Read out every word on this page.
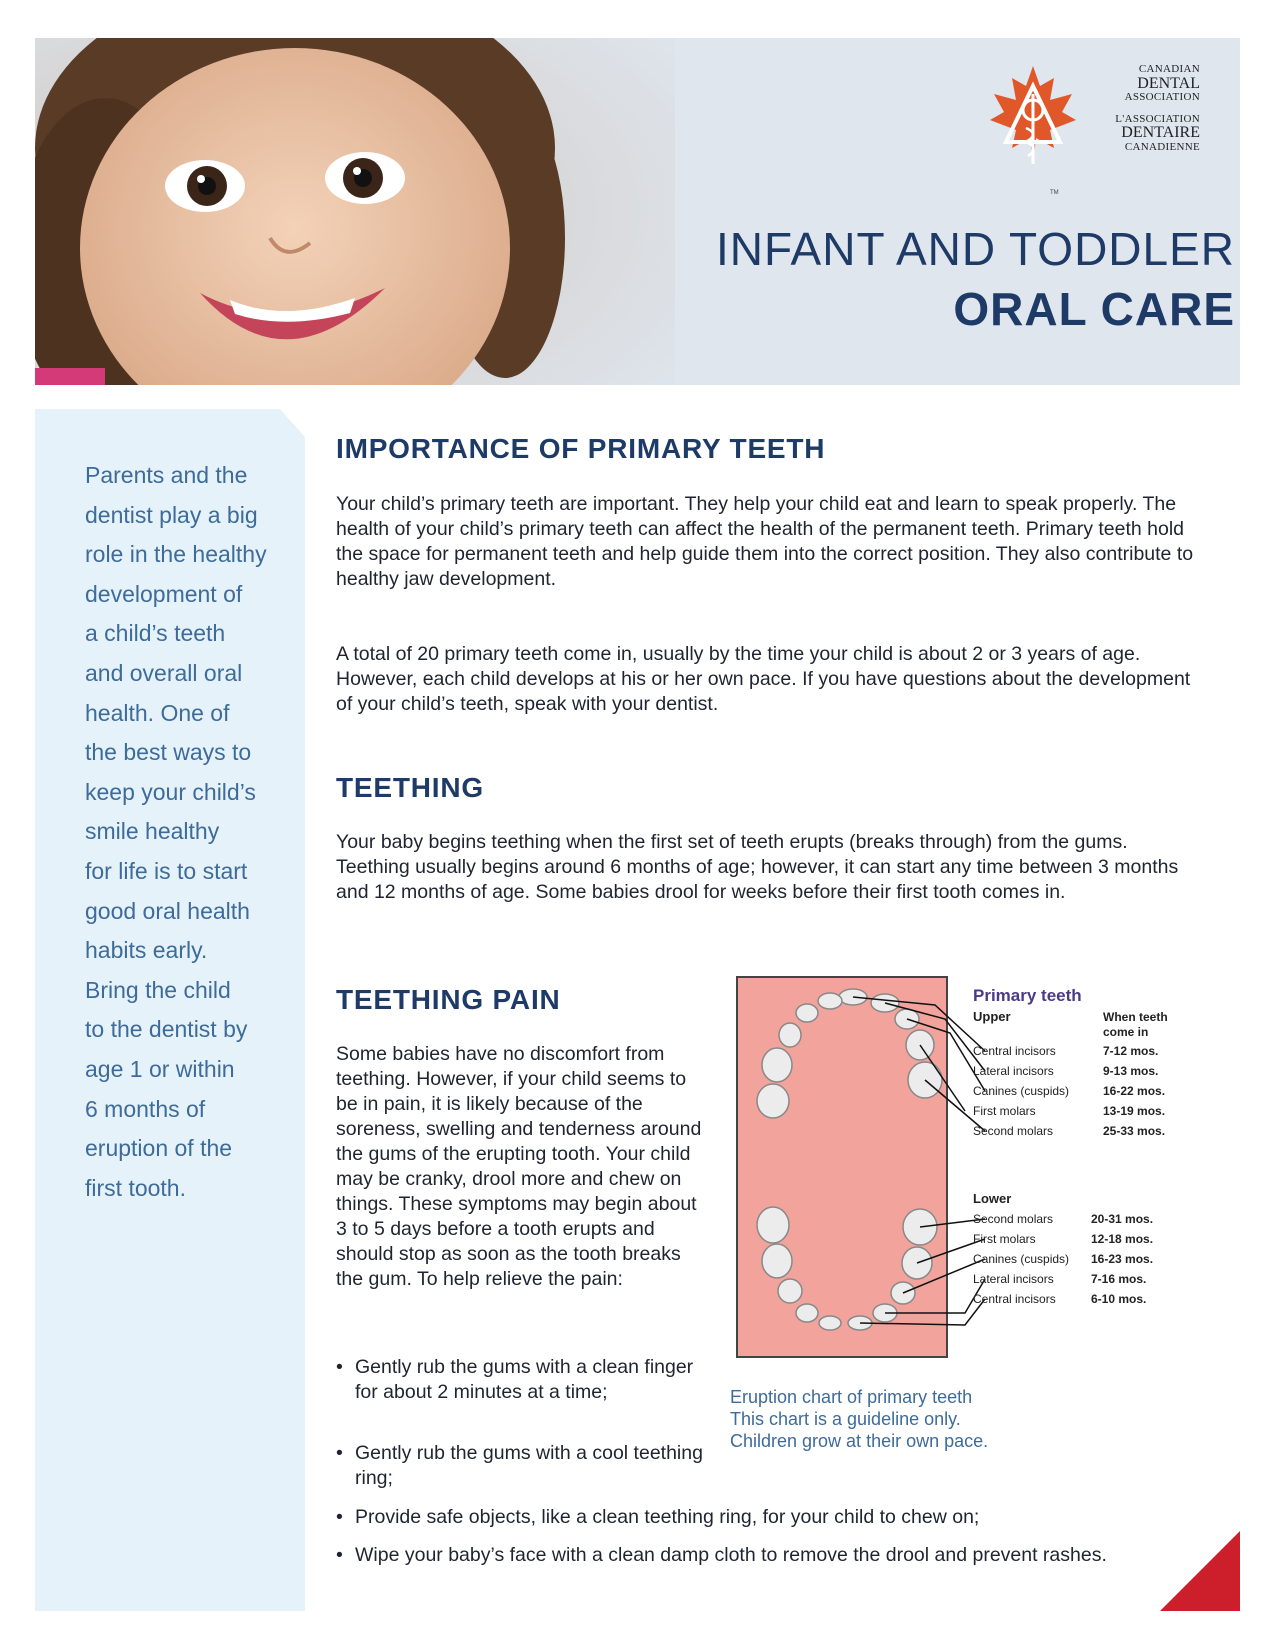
CANADIAN
DENTAL
ASSOCIATION
L'ASSOCIATION
DENTAIRE
CANADIENNE
TM
INFANT AND TODDLER
ORAL CARE

Parents and the

dentist play a big

role in the healthy

development of

a child’s teeth

and overall oral

health. One of

the best ways to

keep your child’s

smile healthy

for life is to start

good oral health

habits early.

Bring the child

to the dentist by

age 1 or within

6 months of

eruption of the

first tooth.

IMPORTANCE OF PRIMARY TEETH

Your child’s primary teeth are important. They help your child eat and learn to speak properly. The health of your child’s primary teeth can affect the health of the permanent teeth. Primary teeth hold the space for permanent teeth and help guide them into the correct position. They also contribute to healthy jaw development.

A total of 20 primary teeth come in, usually by the time your child is about 2 or 3 years of age. However, each child develops at his or her own pace. If you have questions about the development of your child’s teeth, speak with your dentist.

TEETHING

Your baby begins teething when the first set of teeth erupts (breaks through) from the gums. Teething usually begins around 6 months of age; however, it can start any time between 3 months and 12 months of age. Some babies drool for weeks before their first tooth comes in.

TEETHING PAIN

Some babies have no discomfort from teething. However, if your child seems to be in pain, it is likely because of the soreness, swelling and tenderness around the gums of the erupting tooth. Your child may be cranky, drool more and chew on things. These symptoms may begin about 3 to 5 days before a tooth erupts and should stop as soon as the tooth breaks the gum. To help relieve the pain:

• Gently rub the gums with a clean finger for about 2 minutes at a time;
• Gently rub the gums with a cool teething ring;
• Provide safe objects, like a clean teething ring, for your child to chew on;
• Wipe your baby’s face with a clean damp cloth to remove the drool and prevent rashes.
Primary teeth
Upper	When teeth
come in
Central incisors	7-12 mos.
Lateral incisors	9-13 mos.
Canines (cuspids)	16-22 mos.
First molars	13-19 mos.
Second molars	25-33 mos.
Lower
Second molars	20-31 mos.
First molars	12-18 mos.
Canines (cuspids) 16-23 mos.
Lateral incisors	7-16 mos.
Central incisors	6-10 mos.
Eruption chart of primary teeth
This chart is a guideline only.
Children grow at their own pace.
